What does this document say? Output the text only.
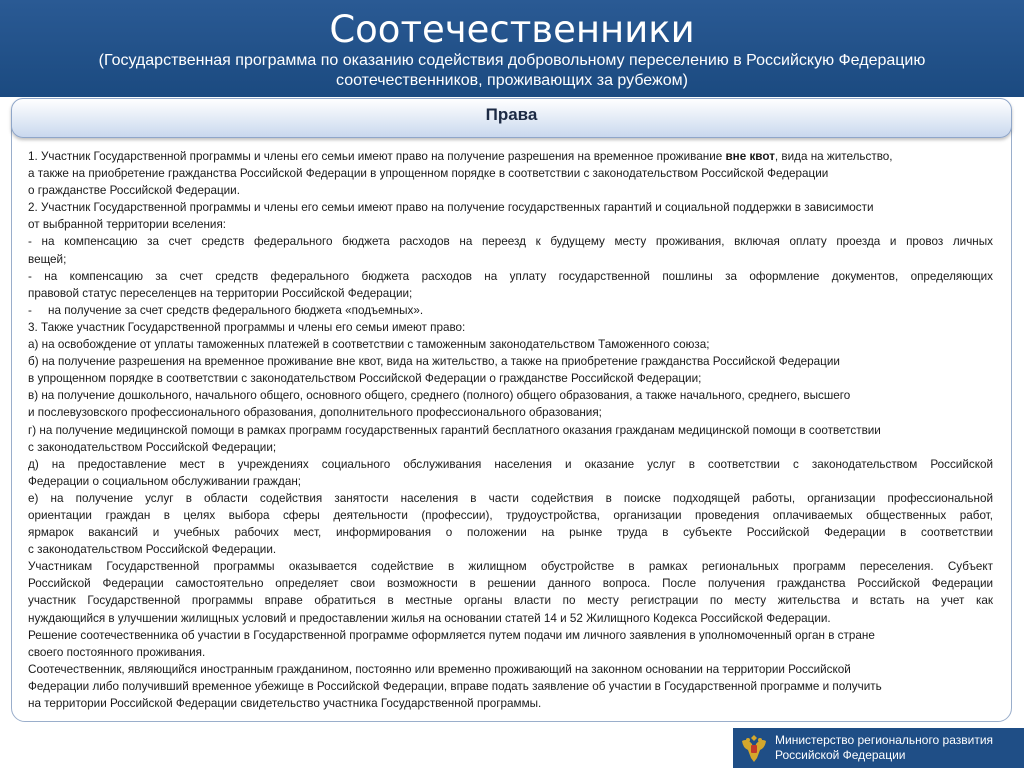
Соотечественники
(Государственная программа по оказанию содействия добровольному переселению в Российскую Федерацию соотечественников, проживающих за рубежом)
Права

1. Участник Государственной программы и члены его семьи имеют право на получение разрешения на временное проживание вне квот, вида на жительство,

а также на приобретение гражданства Российской Федерации в упрощенном порядке в соответствии с законодательством Российской Федерации

о гражданстве Российской Федерации.

2. Участник Государственной программы и члены его семьи имеют право на получение государственных гарантий и социальной поддержки в зависимости

от выбранной территории вселения:

- на компенсацию за счет средств федерального бюджета расходов на переезд к будущему месту проживания, включая оплату проезда и провоз личных

вещей;

- на компенсацию за счет средств федерального бюджета расходов на уплату государственной пошлины за оформление документов, определяющих

правовой статус переселенцев на территории Российской Федерации;

- на получение за счет средств федерального бюджета «подъемных».

3. Также участник Государственной программы и члены его семьи имеют право:

а) на освобождение от уплаты таможенных платежей в соответствии с таможенным законодательством Таможенного союза;

б) на получение разрешения на временное проживание вне квот, вида на жительство, а также на приобретение гражданства Российской Федерации

в упрощенном порядке в соответствии с законодательством Российской Федерации о гражданстве Российской Федерации;

в) на получение дошкольного, начального общего, основного общего, среднего (полного) общего образования, а также начального, среднего, высшего

и послевузовского профессионального образования, дополнительного профессионального образования;

г) на получение медицинской помощи в рамках программ государственных гарантий бесплатного оказания гражданам медицинской помощи в соответствии

с законодательством Российской Федерации;

д) на предоставление мест в учреждениях социального обслуживания населения и оказание услуг в соответствии с законодательством Российской

Федерации о социальном обслуживании граждан;

е) на получение услуг в области содействия занятости населения в части содействия в поиске подходящей работы, организации профессиональной

ориентации граждан в целях выбора сферы деятельности (профессии), трудоустройства, организации проведения оплачиваемых общественных работ,

ярмарок вакансий и учебных рабочих мест, информирования о положении на рынке труда в субъекте Российской Федерации в соответствии

с законодательством Российской Федерации.

Участникам Государственной программы оказывается содействие в жилищном обустройстве в рамках региональных программ переселения. Субъект

Российской Федерации самостоятельно определяет свои возможности в решении данного вопроса. После получения гражданства Российской Федерации

участник Государственной программы вправе обратиться в местные органы власти по месту регистрации по месту жительства и встать на учет как

нуждающийся в улучшении жилищных условий и предоставлении жилья на основании статей 14 и 52 Жилищного Кодекса Российской Федерации.

Решение соотечественника об участии в Государственной программе оформляется путем подачи им личного заявления в уполномоченный орган в стране

своего постоянного проживания.

Соотечественник, являющийся иностранным гражданином, постоянно или временно проживающий на законном основании на территории Российской

Федерации либо получивший временное убежище в Российской Федерации, вправе подать заявление об участии в Государственной программе и получить

на территории Российской Федерации свидетельство участника Государственной программы.

Министерство регионального развития
Российской Федерации
